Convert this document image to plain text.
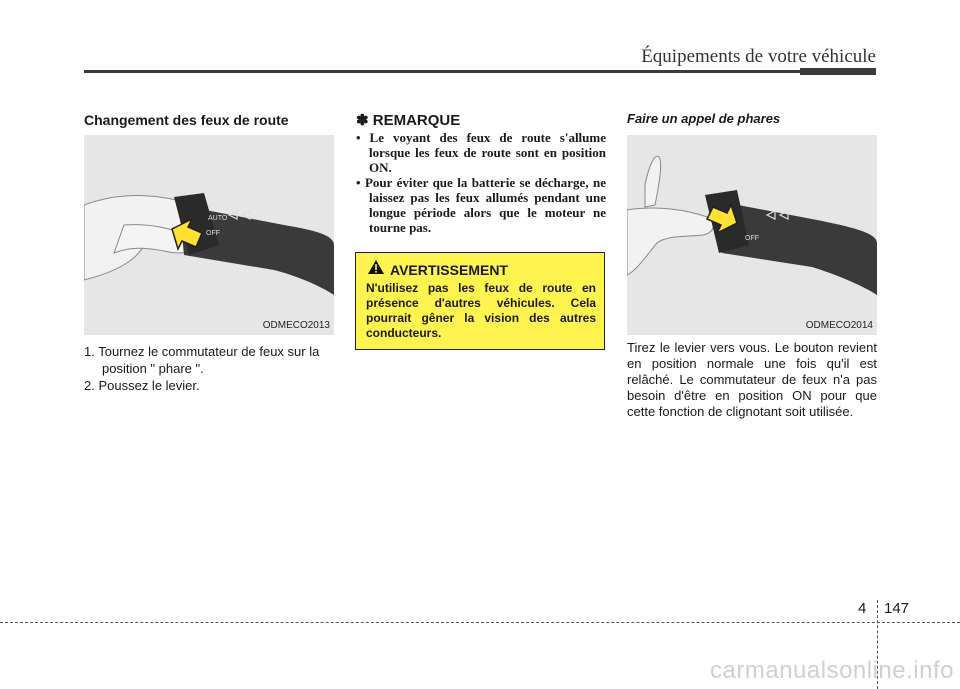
Équipements de votre véhicule
Changement des feux de route
AUTO
OFF
ODMECO2013
1. Tournez le commutateur de feux sur la position " phare ".
2. Poussez le levier.
✽ REMARQUE
• Le voyant des feux de route s'allume lorsque les feux de route sont en position ON.
• Pour éviter que la batterie se décharge, ne laissez pas les feux allumés pendant une longue période alors que le moteur ne tourne pas.
AVERTISSEMENT
N'utilisez pas les feux de route en présence d'autres véhicules. Cela pourrait gêner la vision des autres conducteurs.
Faire un appel de phares
OFF
ODMECO2014
Tirez le levier vers vous. Le bouton revient en position normale une fois qu'il est relâché. Le commutateur de feux n'a pas besoin d'être en position ON pour que cette fonction de clignotant soit utilisée.
4 147
carmanualsonline.info
